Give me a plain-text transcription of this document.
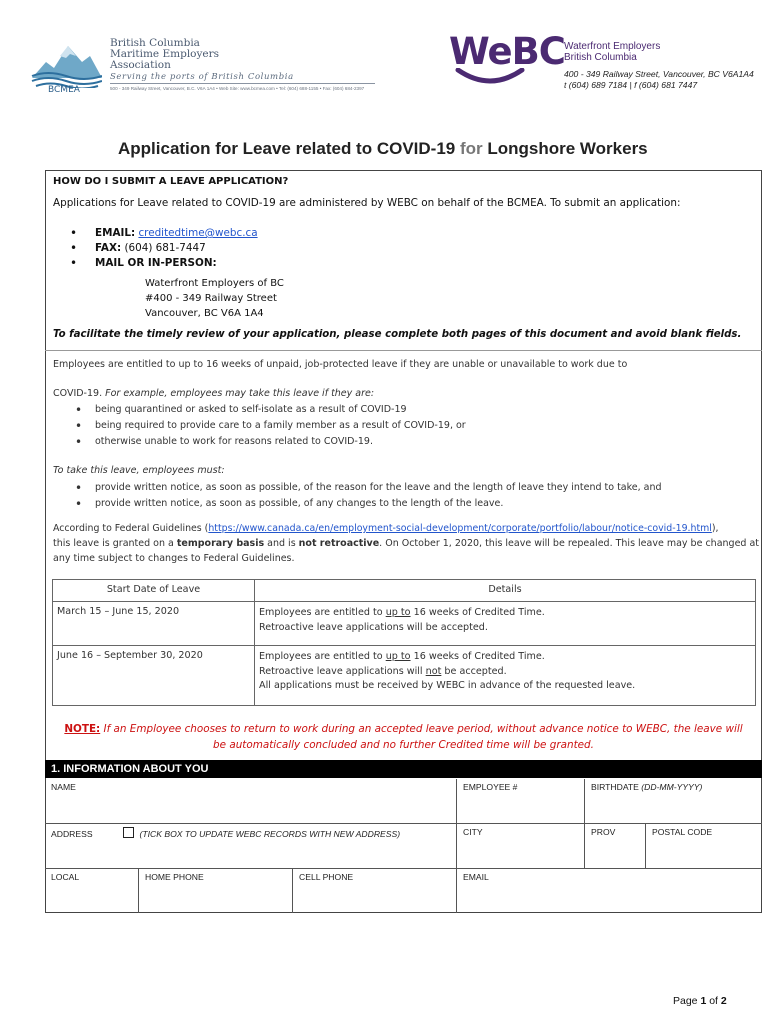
British Columbia
Maritime Employers
Association
Serving the ports of British Columbia
500 - 349 Railway Street, Vancouver, B.C. V6A 1A4 • Web Site: www.bcmea.com • Tel: (604) 688-1155 • Fax: (604) 684-2397
BCMEA
WeBC Waterfront Employers
British Columbia
400 - 349 Railway Street, Vancouver, BC V6A1A4
t (604) 689 7184 | f (604) 681 7447
Application for Leave related to COVID-19 for Longshore Workers
HOW DO I SUBMIT A LEAVE APPLICATION?
Applications for Leave related to COVID-19 are administered by WEBC on behalf of the BCMEA. To submit an application:
• EMAIL: creditedtime@webc.ca
• FAX: (604) 681-7447
• MAIL OR IN-PERSON:
Waterfront Employers of BC
#400 - 349 Railway Street
Vancouver, BC V6A 1A4
To facilitate the timely review of your application, please complete both pages of this document and avoid blank fields.
Employees are entitled to up to 16 weeks of unpaid, job-protected leave if they are unable or unavailable to work due to
COVID-19. For example, employees may take this leave if they are:
• being quarantined or asked to self-isolate as a result of COVID-19
• being required to provide care to a family member as a result of COVID-19, or
• otherwise unable to work for reasons related to COVID-19.
To take this leave, employees must:
• provide written notice, as soon as possible, of the reason for the leave and the length of leave they intend to take, and
• provide written notice, as soon as possible, of any changes to the length of the leave.
According to Federal Guidelines (https://www.canada.ca/en/employment-social-development/corporate/portfolio/labour/notice-covid-19.html),
this leave is granted on a temporary basis and is not retroactive. On October 1, 2020, this leave will be repealed. This leave may be changed at
any time subject to changes to Federal Guidelines.
Start Date of Leave	Details
March 15 – June 15, 2020	Employees are entitled to up to 16 weeks of Credited Time.
Retroactive leave applications will be accepted.

June 16 – September 30, 2020	Employees are entitled to up to 16 weeks of Credited Time.
Retroactive leave applications will not be accepted.
All applications must be received by WEBC in advance of the requested leave.
NOTE: If an Employee chooses to return to work during an accepted leave period, without advance notice to WEBC, the leave will
be automatically concluded and no further Credited time will be granted.
1. INFORMATION ABOUT YOU
NAME	EMPLOYEE #	BIRTHDATE (DD-MM-YYYY)
ADDRESS	(TICK BOX TO UPDATE WEBC RECORDS WITH NEW ADDRESS)	CITY	PROV	POSTAL CODE
LOCAL	HOME PHONE	CELL PHONE	EMAIL
Page 1 of 2
